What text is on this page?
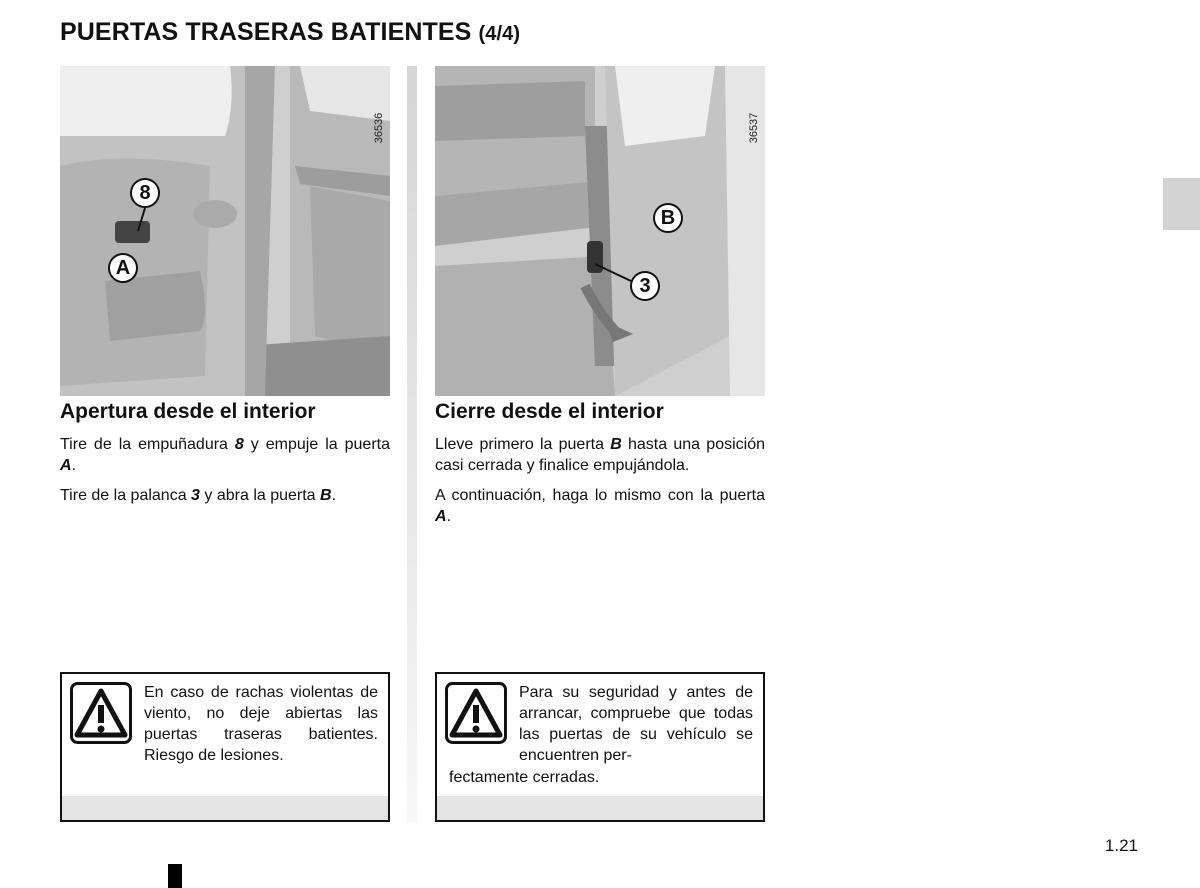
PUERTAS TRASERAS BATIENTES (4/4)
36536
8
A
36537
B
3
Apertura desde el interior

Tire de la empuñadura 8 y empuje la puerta A.

Tire de la palanca 3 y abra la puerta B.

Cierre desde el interior

Lleve primero la puerta B hasta una posición casi cerrada y finalice empujándola.

A continuación, haga lo mismo con la puerta A.

En caso de rachas violentas de viento, no deje abiertas las puertas traseras batientes. Riesgo de lesiones.
Para su seguridad y antes de arrancar, compruebe que todas las puertas de su vehículo se encuentren per-
fectamente cerradas.
1.21
